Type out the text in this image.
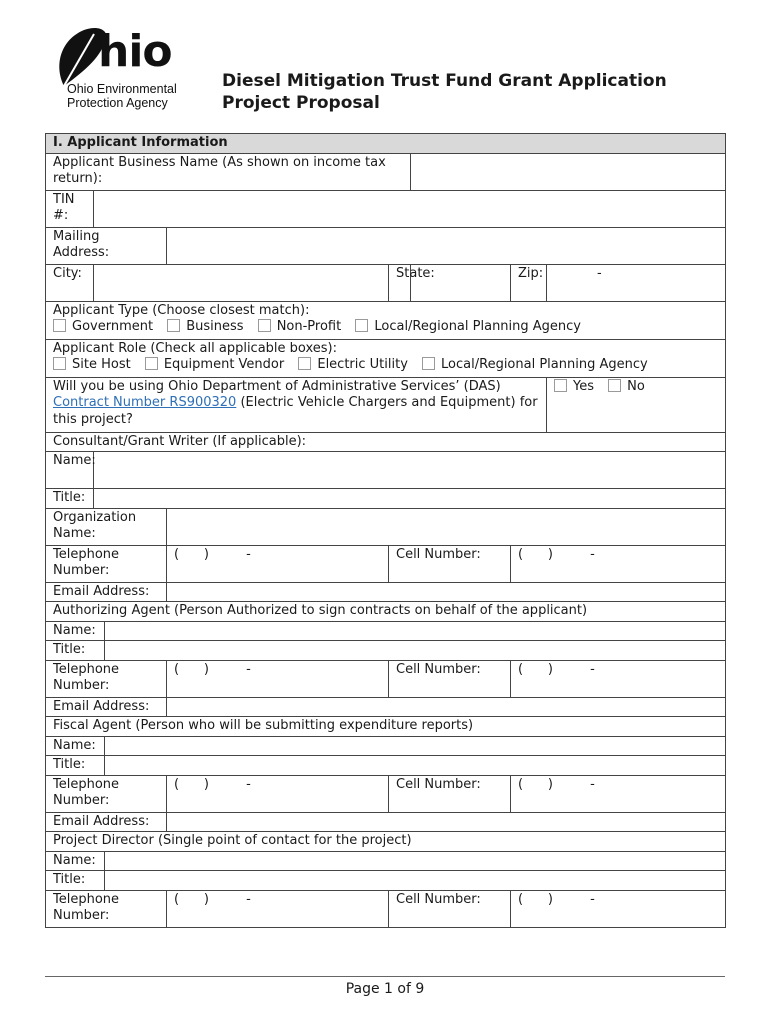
hio
Ohio Environmental
Protection Agency
Diesel Mitigation Trust Fund Grant Application
Project Proposal
I. Applicant Information							
Applicant Business Name (As shown on income tax return):							
TIN #:							
Mailing Address:							
City:				State:		Zip:	-

Applicant Type (Choose closest match):
Government Business Non-Profit Local/Regional Planning Agency							

Applicant Role (Check all applicable boxes):
Site Host Equipment Vendor Electric Utility Local/Regional Planning Agency							

Will you be using Ohio Department of Administrative Services’ (DAS) Contract Number RS900320 (Electric Vehicle Chargers and Equipment) for this project?							Yes No
Consultant/Grant Writer (If applicable):							
Name:							
Title:							
Organization Name:							
Telephone Number:			(      )         -	Cell Number:		(      )         -	
Email Address:							
Authorizing Agent (Person Authorized to sign contracts on behalf of the applicant)							
Name:							
Title:							
Telephone Number:			(      )         -	Cell Number:		(      )         -	
Email Address:							
Fiscal Agent (Person who will be submitting expenditure reports)							
Name:							
Title:							
Telephone Number:			(      )         -	Cell Number:		(      )         -	
Email Address:							
Project Director (Single point of contact for the project)							
Name:							
Title:							
Telephone Number:			(      )         -	Cell Number:		(      )         -	
Page 1 of 9
